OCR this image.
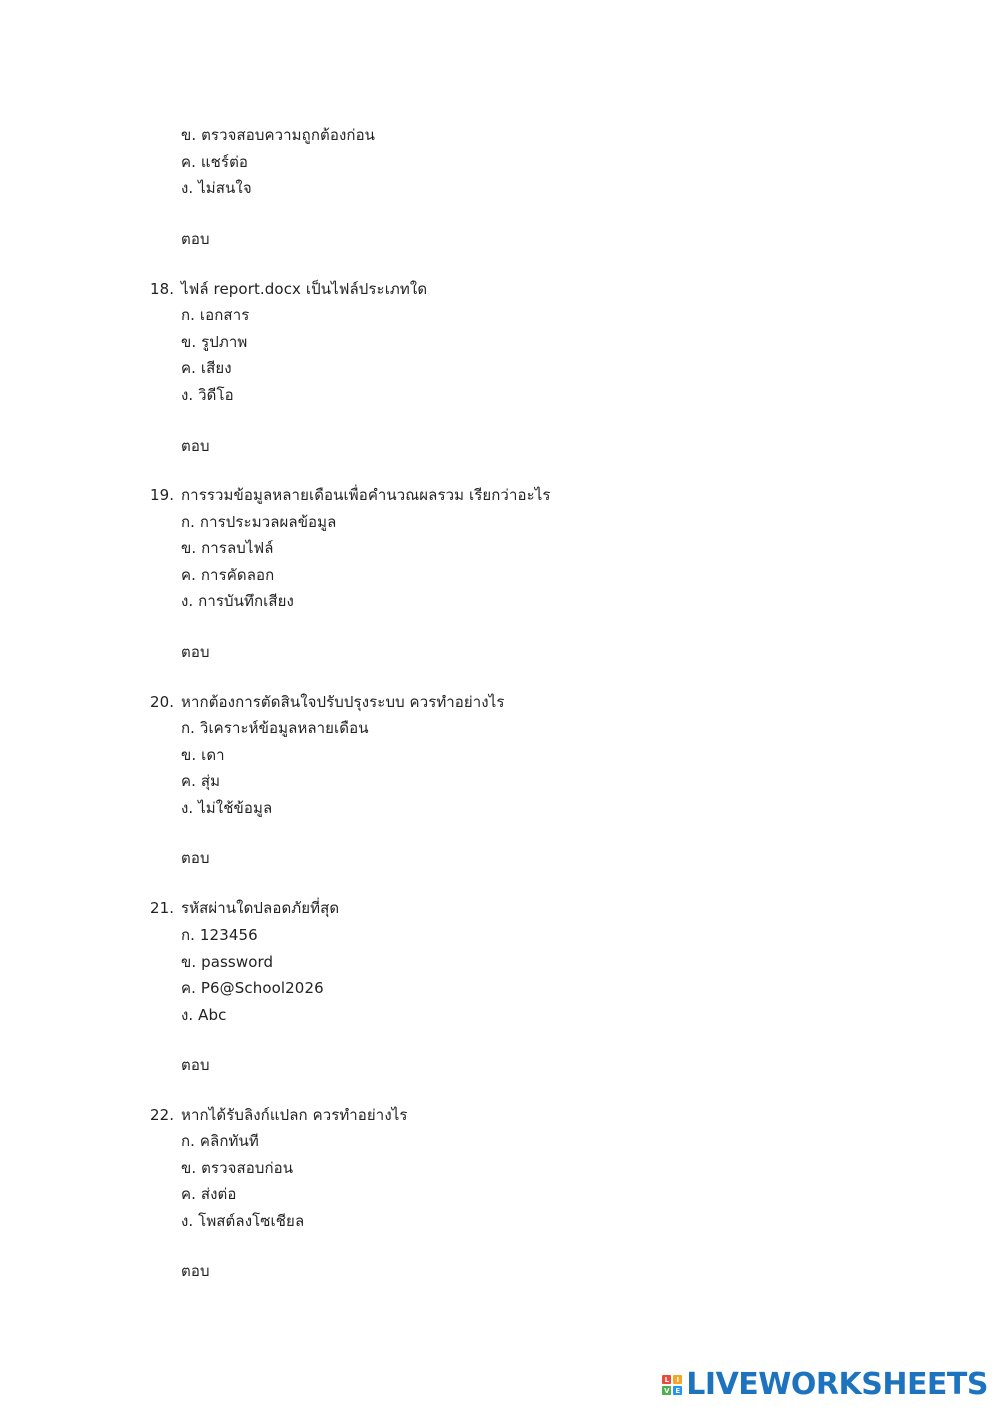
ข. ตรวจสอบความถูกต้องก่อน
ค. แชร์ต่อ
ง. ไม่สนใจ
ตอบ
18. ไฟล์ report.docx เป็นไฟล์ประเภทใด
ก. เอกสาร
ข. รูปภาพ
ค. เสียง
ง. วิดีโอ
ตอบ
19. การรวมข้อมูลหลายเดือนเพื่อคำนวณผลรวม เรียกว่าอะไร
ก. การประมวลผลข้อมูล
ข. การลบไฟล์
ค. การคัดลอก
ง. การบันทึกเสียง
ตอบ
20. หากต้องการตัดสินใจปรับปรุงระบบ ควรทำอย่างไร
ก. วิเคราะห์ข้อมูลหลายเดือน
ข. เดา
ค. สุ่ม
ง. ไม่ใช้ข้อมูล
ตอบ
21. รหัสผ่านใดปลอดภัยที่สุด
ก. 123456
ข. password
ค. P6@School2026
ง. Abc
ตอบ
22. หากได้รับลิงก์แปลก ควรทำอย่างไร
ก. คลิกทันที
ข. ตรวจสอบก่อน
ค. ส่งต่อ
ง. โพสต์ลงโซเชียล
ตอบ
L	I
V E LIVEWORKSHEETS
